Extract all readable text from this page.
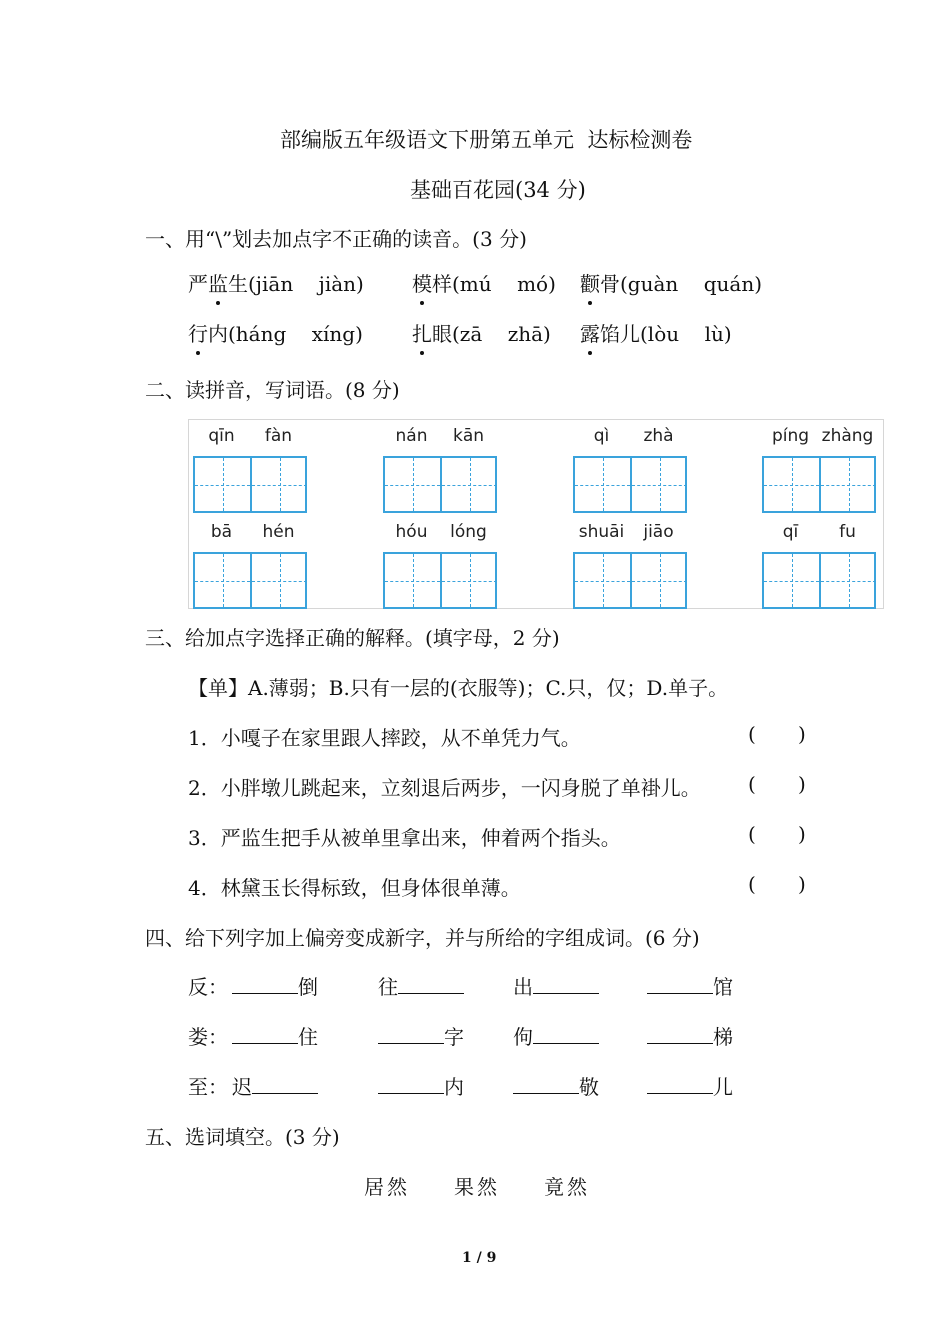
部编版五年级语文下册第五单元  达标检测卷
基础百花园(34 分)
一、用“\”划去加点字不正确的读音。(3 分)
严监生(jiān jiàn) 模样(mú mó) 颧骨(guàn quán)
行内(háng xíng) 扎眼(zā zhā) 露馅儿(lòu lù)
二、读拼音，写词语。(8 分)
qīn	fàn	nán	kān	qì	zhà	píng zhàng
bā	hén	hóu	lóng	shuāi	jiāo	qī	fu
三、给加点字选择正确的解释。(填字母，2 分)
【单】A.薄弱；B.只有一层的(衣服等)；C.只，仅；D.单子。
1．小嘎子在家里跟人摔跤，从不单凭力气。	( )
2．小胖墩儿跳起来，立刻退后两步，一闪身脱了单褂儿。 ( )
3．严监生把手从被单里拿出来，伸着两个指头。	( )
4．林黛玉长得标致，但身体很单薄。	( )
四、给下列字加上偏旁变成新字，并与所给的字组成词。(6 分)
反：	倒	往	出	馆
娄：	住	字 佝	梯
至： 迟	内	敬	儿
五、选词填空。(3 分)
居然 果然 竟然
1 / 9
